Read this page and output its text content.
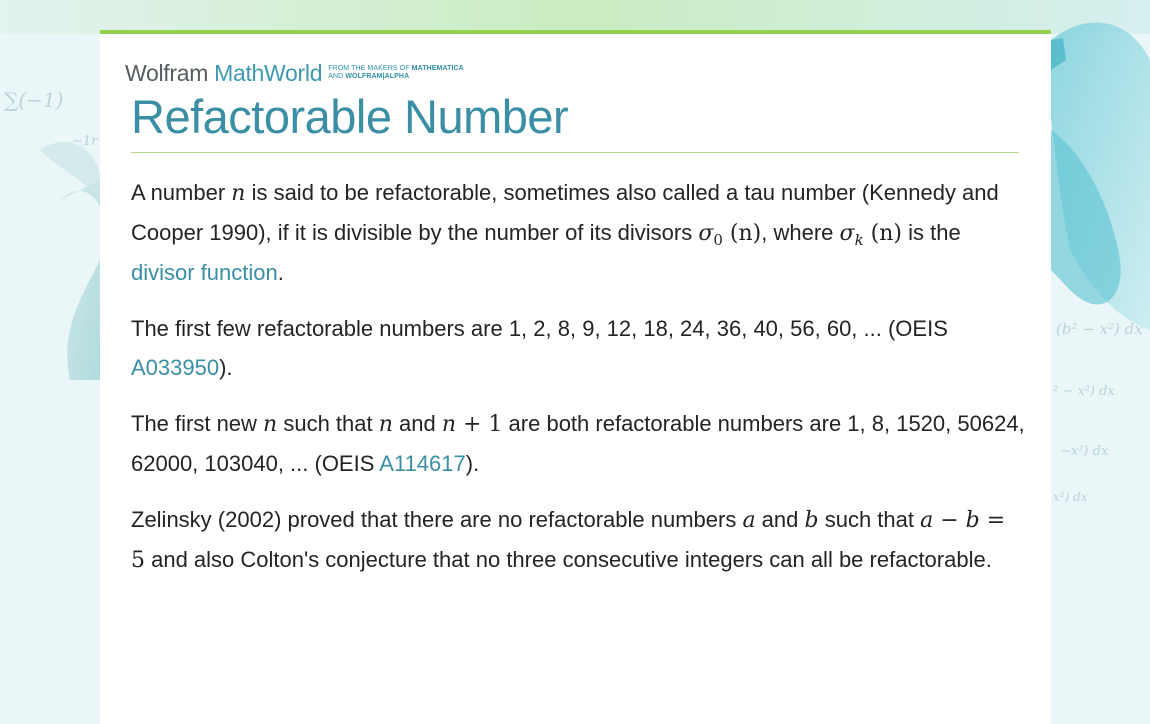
∑(−1)
−1r
(b² − x²) dx
² − x²) dx
−x²) dx
x²) dx
Wolfram MathWorld FROM THE MAKERS OF MATHEMATICA
AND WOLFRAM|ALPHA
Refactorable Number

A number n is said to be refactorable, sometimes also called a tau number (Kennedy and Cooper 1990), if it is divisible by the number of its divisors $\sigma_0$ (n), where $\sigma_k$ (n) is the divisor function.

The first few refactorable numbers are 1, 2, 8, 9, 12, 18, 24, 36, 40, 56, 60, ... (OEIS A033950).

The first new n such that n and n + 1 are both refactorable numbers are 1, 8, 1520, 50624, 62000, 103040, ... (OEIS A114617).

Zelinsky (2002) proved that there are no refactorable numbers a and b such that a − b = 5 and also Colton's conjecture that no three consecutive integers can all be refactorable.
